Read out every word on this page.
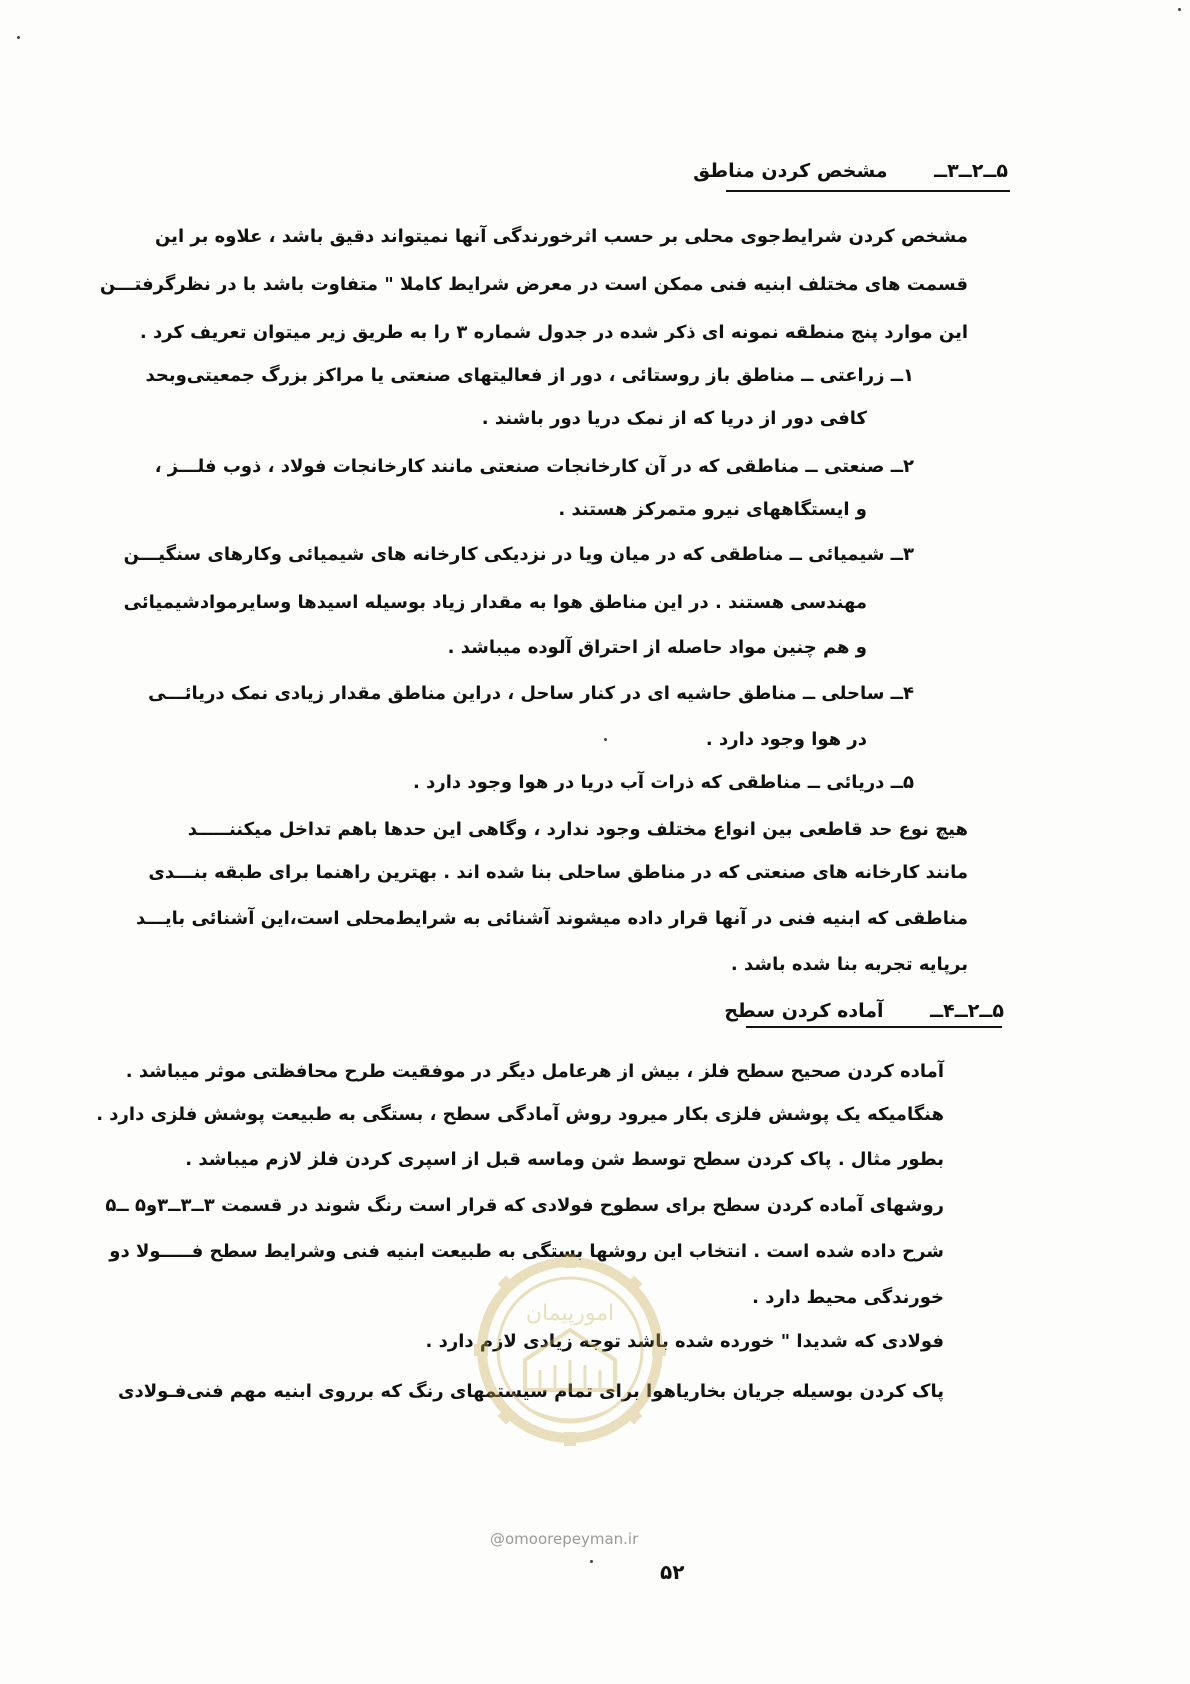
۵ــ۲ــ۳ــ مشخص کردن مناطق
مشخص کردن شرایط‌جوی محلی بر حسب اثرخورندگی آنها نمیتواند دقیق باشد ، علاوه بر این
قسمت های مختلف ابنیه فنی ممکن است در معرض شرایط کاملا " متفاوت باشد با در نظرگرفتـــن
این موارد پنج منطقه نمونه ای ذکر شده در جدول شماره ۳ را به طریق زیر میتوان تعریف کرد .
۱ــ زراعتی ــ مناطق باز روستائی ، دور از فعالیتهای صنعتی یا مراکز بزرگ جمعیتی‌وبحد
کافی دور از دریا که از نمک دریا دور باشند .
۲ــ صنعتی ــ مناطقی که در آن کارخانجات صنعتی مانند کارخانجات فولاد ، ذوب فلـــز ،
و ایستگاههای نیرو متمرکز هستند .
۳ــ شیمیائی ــ مناطقی که در میان ویا در نزدیکی کارخانه های شیمیائی وکارهای سنگیـــن
مهندسی هستند . در این مناطق هوا به مقدار زیاد بوسیله اسیدها وسایرموادشیمیائی
و هم چنین مواد حاصله از احتراق آلوده میباشد .
۴ــ ساحلی ــ مناطق حاشیه ای در کنار ساحل ، دراین مناطق مقدار زیادی نمک دریائـــی
در هوا وجود دارد .
۵ــ دریائی ــ مناطقی که ذرات آب دریا در هوا وجود دارد .
هیچ نوع حد قاطعی بین انواع مختلف وجود ندارد ، وگاهی این حدها باهم تداخل میکننـــــد
مانند کارخانه های صنعتی که در مناطق ساحلی بنا شده اند . بهترین راهنما برای طبقه بنـــدی
مناطقی که ابنیه فنی در آنها قرار داده میشوند آشنائی به شرایط‌محلی است،این آشنائی بایـــد
برپایه تجربه بنا شده باشد .
۵ــ۲ــ۴ــ آماده کردن سطح
آماده کردن صحیح سطح فلز ، بیش از هرعامل دیگر در موفقیت طرح محافظتی موثر میباشد .
هنگامیکه یک پوشش فلزی بکار میرود روش آمادگی سطح ، بستگی به طبیعت پوشش فلزی دارد .
بطور مثال . پاک کردن سطح توسط شن وماسه قبل از اسپری کردن فلز لازم میباشد .
روشهای آماده کردن سطح برای سطوح فولادی که قرار است رنگ شوند در قسمت ۳ــ۳ــ۳و۵ ــ۵
شرح داده شده است . انتخاب این روشها بستگی به طبیعت ابنیه فنی وشرایط سطح فـــــولا دو
خورندگی محیط دارد .
فولادی که شدیدا " خورده شده باشد توجه زیادی لازم دارد .
پاک کردن بوسیله جریان بخاریاهوا برای تمام سیستمهای رنگ که برروی ابنیه مهم فنی‌فـولادی
امورپیمان
@omoorepeyman.ir
۵۲
